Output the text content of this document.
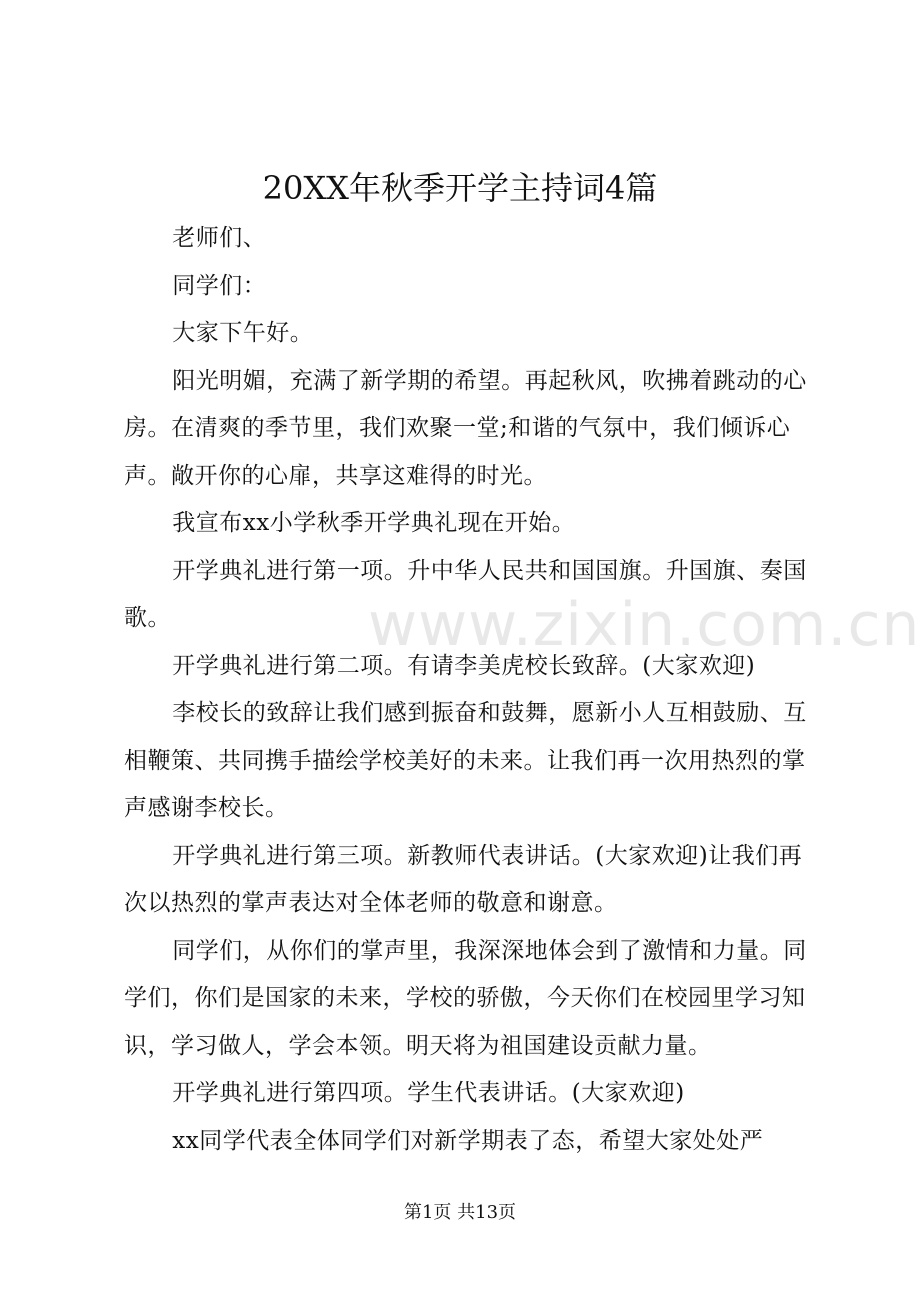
www.zixin.com.cn
20XX年秋季开学主持词4篇

老师们、

同学们：

大家下午好。

阳光明媚，充满了新学期的希望。再起秋风，吹拂着跳动的心房。在清爽的季节里，我们欢聚一堂;和谐的气氛中，我们倾诉心声。敞开你的心扉，共享这难得的时光。

我宣布xx小学秋季开学典礼现在开始。

开学典礼进行第一项。升中华人民共和国国旗。升国旗、奏国歌。

开学典礼进行第二项。有请李美虎校长致辞。(大家欢迎)

李校长的致辞让我们感到振奋和鼓舞，愿新小人互相鼓励、互相鞭策、共同携手描绘学校美好的未来。让我们再一次用热烈的掌声感谢李校长。

开学典礼进行第三项。新教师代表讲话。(大家欢迎)让我们再次以热烈的掌声表达对全体老师的敬意和谢意。

同学们，从你们的掌声里，我深深地体会到了激情和力量。同学们，你们是国家的未来，学校的骄傲，今天你们在校园里学习知识，学习做人，学会本领。明天将为祖国建设贡献力量。

开学典礼进行第四项。学生代表讲话。(大家欢迎)

xx同学代表全体同学们对新学期表了态，希望大家处处严

第1页 共13页
